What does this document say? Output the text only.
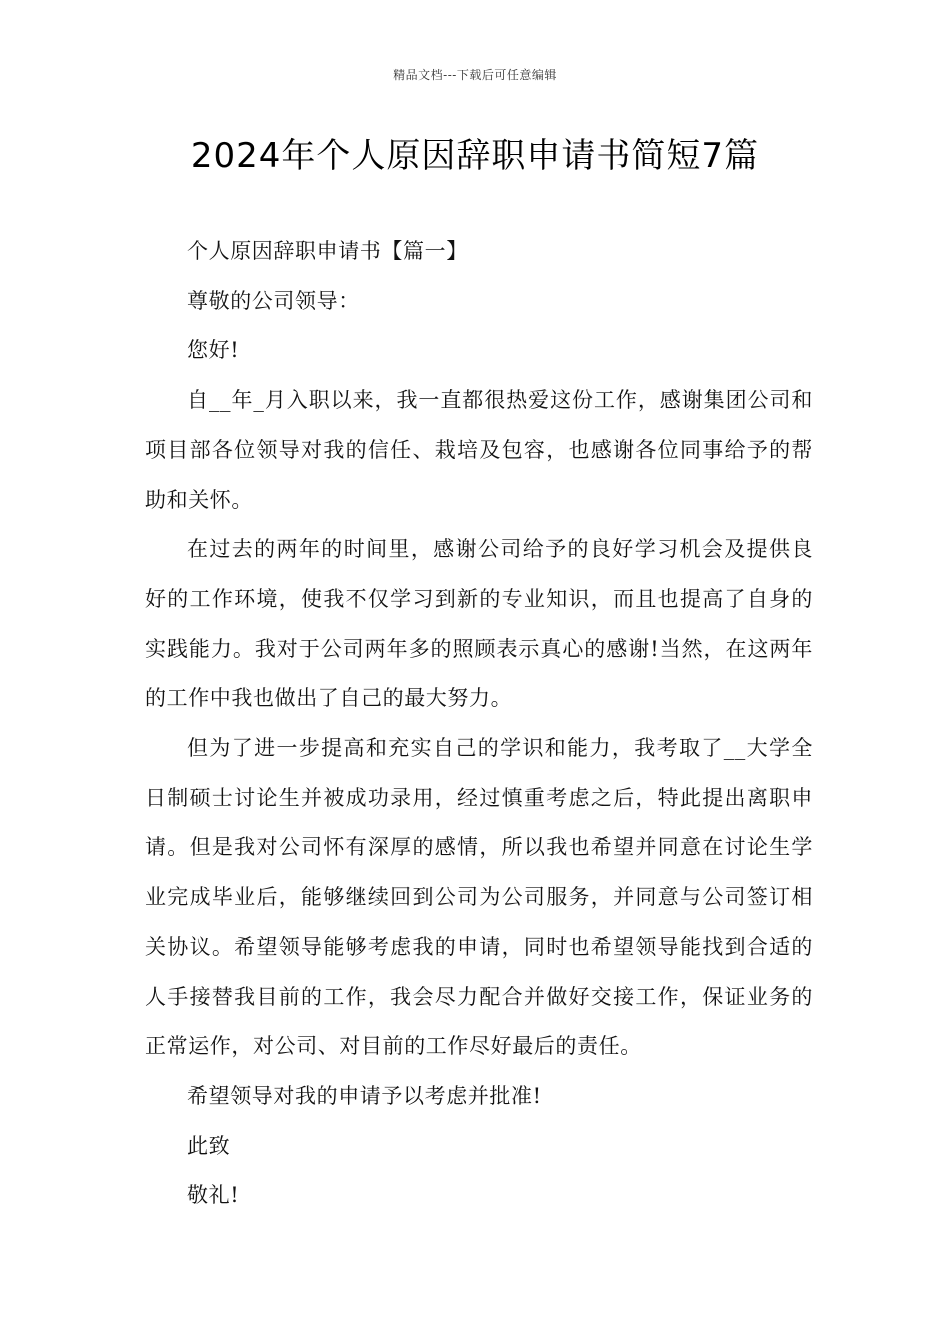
精品文档---下载后可任意编辑
2024年个人原因辞职申请书简短7篇

个人原因辞职申请书【篇一】

尊敬的公司领导：

您好!

自__年_月入职以来，我一直都很热爱这份工作，感谢集团公司和项目部各位领导对我的信任、栽培及包容，也感谢各位同事给予的帮助和关怀。

在过去的两年的时间里，感谢公司给予的良好学习机会及提供良好的工作环境，使我不仅学习到新的专业知识，而且也提高了自身的实践能力。我对于公司两年多的照顾表示真心的感谢!当然，在这两年的工作中我也做出了自己的最大努力。

但为了进一步提高和充实自己的学识和能力，我考取了__大学全日制硕士讨论生并被成功录用，经过慎重考虑之后，特此提出离职申请。但是我对公司怀有深厚的感情，所以我也希望并同意在讨论生学业完成毕业后，能够继续回到公司为公司服务，并同意与公司签订相关协议。希望领导能够考虑我的申请，同时也希望领导能找到合适的人手接替我目前的工作，我会尽力配合并做好交接工作，保证业务的正常运作，对公司、对目前的工作尽好最后的责任。

希望领导对我的申请予以考虑并批准!

此致

敬礼!
